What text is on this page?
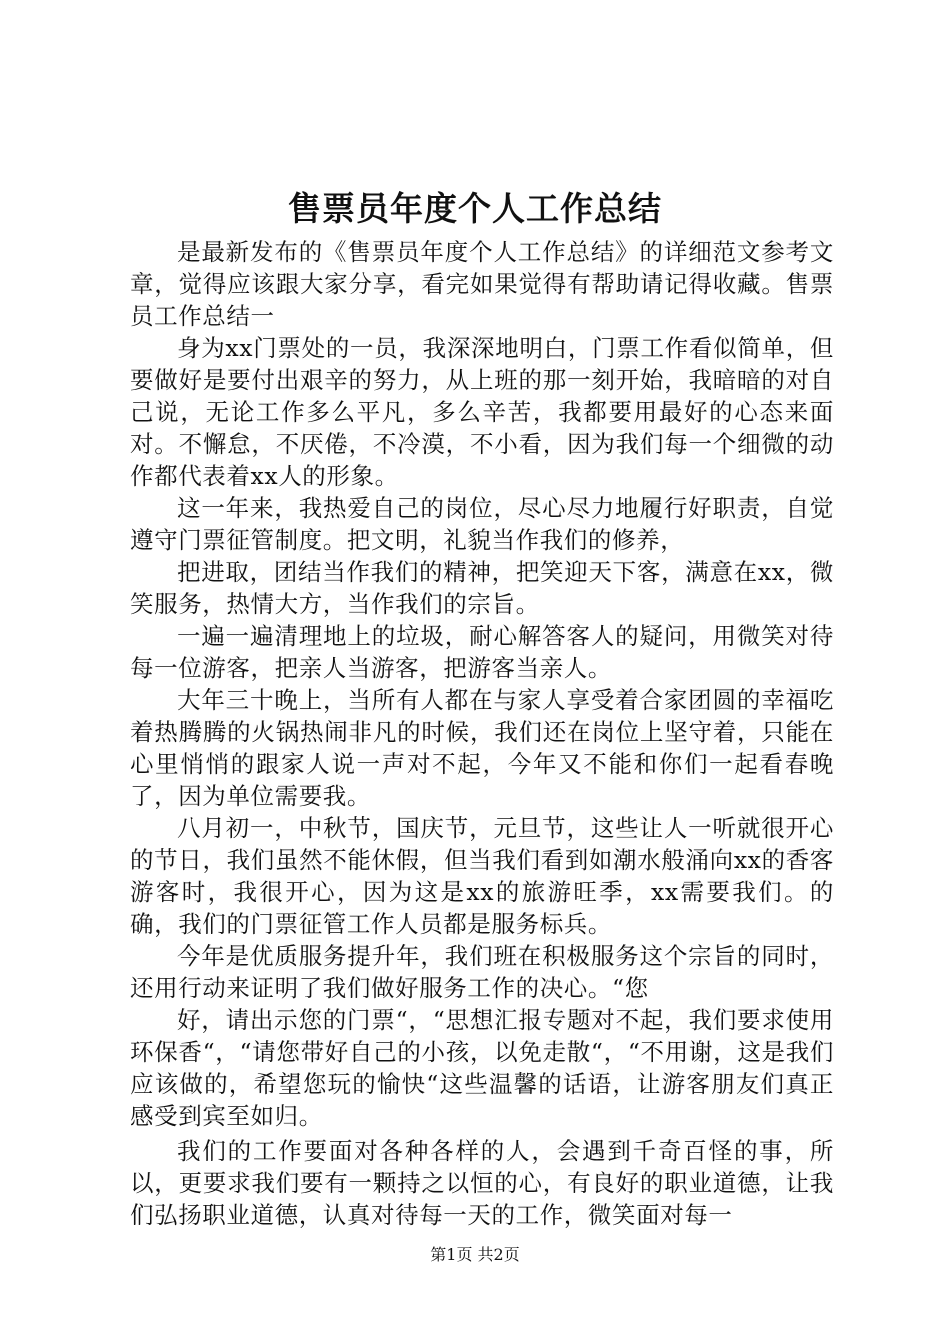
售票员年度个人工作总结

是最新发布的《售票员年度个人工作总结》的详细范文参考文章，觉得应该跟大家分享，看完如果觉得有帮助请记得收藏。售票员工作总结一

身为xx门票处的一员，我深深地明白，门票工作看似简单，但要做好是要付出艰辛的努力，从上班的那一刻开始，我暗暗的对自己说，无论工作多么平凡，多么辛苦，我都要用最好的心态来面对。不懈怠，不厌倦，不冷漠，不小看，因为我们每一个细微的动作都代表着xx人的形象。

这一年来，我热爱自己的岗位，尽心尽力地履行好职责，自觉遵守门票征管制度。把文明，礼貌当作我们的修养，

把进取，团结当作我们的精神，把笑迎天下客，满意在xx，微笑服务，热情大方，当作我们的宗旨。

一遍一遍清理地上的垃圾，耐心解答客人的疑问，用微笑对待每一位游客，把亲人当游客，把游客当亲人。

大年三十晚上，当所有人都在与家人享受着合家团圆的幸福吃着热腾腾的火锅热闹非凡的时候，我们还在岗位上坚守着，只能在心里悄悄的跟家人说一声对不起，今年又不能和你们一起看春晚了，因为单位需要我。

八月初一，中秋节，国庆节，元旦节，这些让人一听就很开心的节日，我们虽然不能休假，但当我们看到如潮水般涌向xx的香客游客时，我很开心，因为这是xx的旅游旺季，xx需要我们。的确，我们的门票征管工作人员都是服务标兵。

今年是优质服务提升年，我们班在积极服务这个宗旨的同时，还用行动来证明了我们做好服务工作的决心。“您

好，请出示您的门票“，“思想汇报专题对不起，我们要求使用环保香“，“请您带好自己的小孩，以免走散“，“不用谢，这是我们应该做的，希望您玩的愉快“这些温馨的话语，让游客朋友们真正感受到宾至如归。

我们的工作要面对各种各样的人，会遇到千奇百怪的事，所以，更要求我们要有一颗持之以恒的心，有良好的职业道德，让我们弘扬职业道德，认真对待每一天的工作，微笑面对每一

第1页 共2页
